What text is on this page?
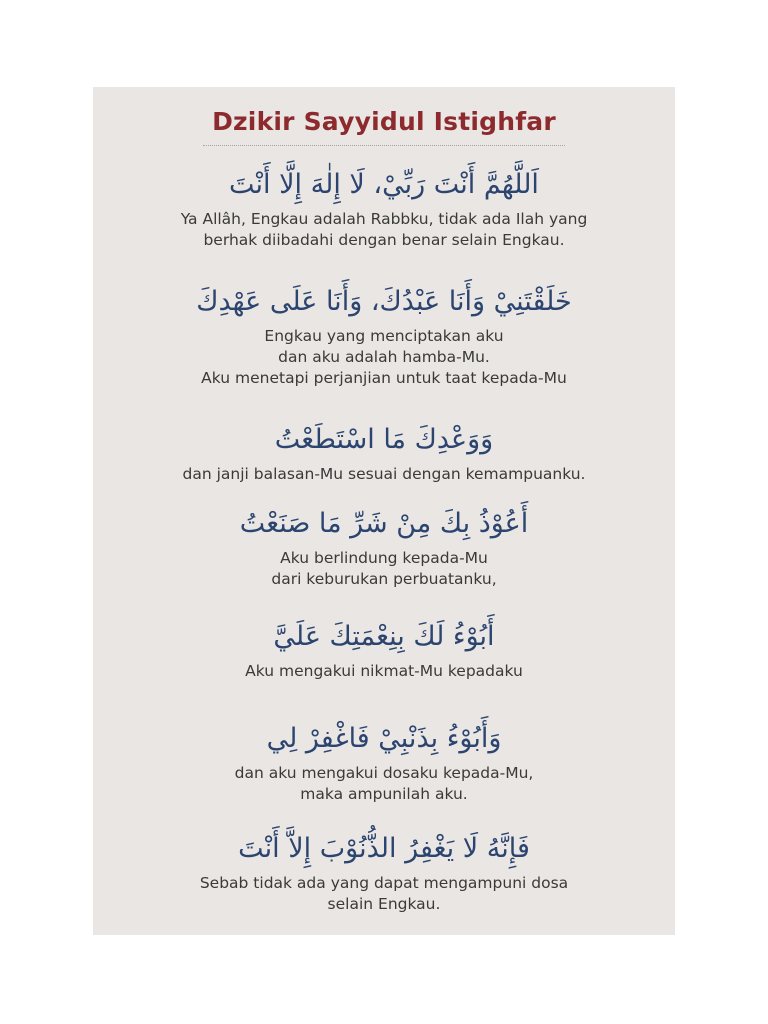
Dzikir Sayyidul Istighfar
اَللَّهُمَّ أَنْتَ رَبِّيْ، لَا إِلٰهَ إِلَّا أَنْتَ
Ya Allâh, Engkau adalah Rabbku, tidak ada Ilah yang
berhak diibadahi dengan benar selain Engkau.
خَلَقْتَنِيْ وَأَنَا عَبْدُكَ، وَأَنَا عَلَى عَهْدِكَ
Engkau yang menciptakan aku
dan aku adalah hamba-Mu.
Aku menetapi perjanjian untuk taat kepada-Mu
وَوَعْدِكَ مَا اسْتَطَعْتُ
dan janji balasan-Mu sesuai dengan kemampuanku.
أَعُوْذُ بِكَ مِنْ شَرِّ مَا صَنَعْتُ
Aku berlindung kepada-Mu
dari keburukan perbuatanku,
أَبُوْءُ لَكَ بِنِعْمَتِكَ عَلَيَّ
Aku mengakui nikmat-Mu kepadaku
وَأَبُوْءُ بِذَنْبِيْ فَاغْفِرْ لِي
dan aku mengakui dosaku kepada-Mu,
maka ampunilah aku.
فَإِنَّهُ لَا يَغْفِرُ الذُّنُوْبَ إِلاَّ أَنْتَ
Sebab tidak ada yang dapat mengampuni dosa
selain Engkau.
